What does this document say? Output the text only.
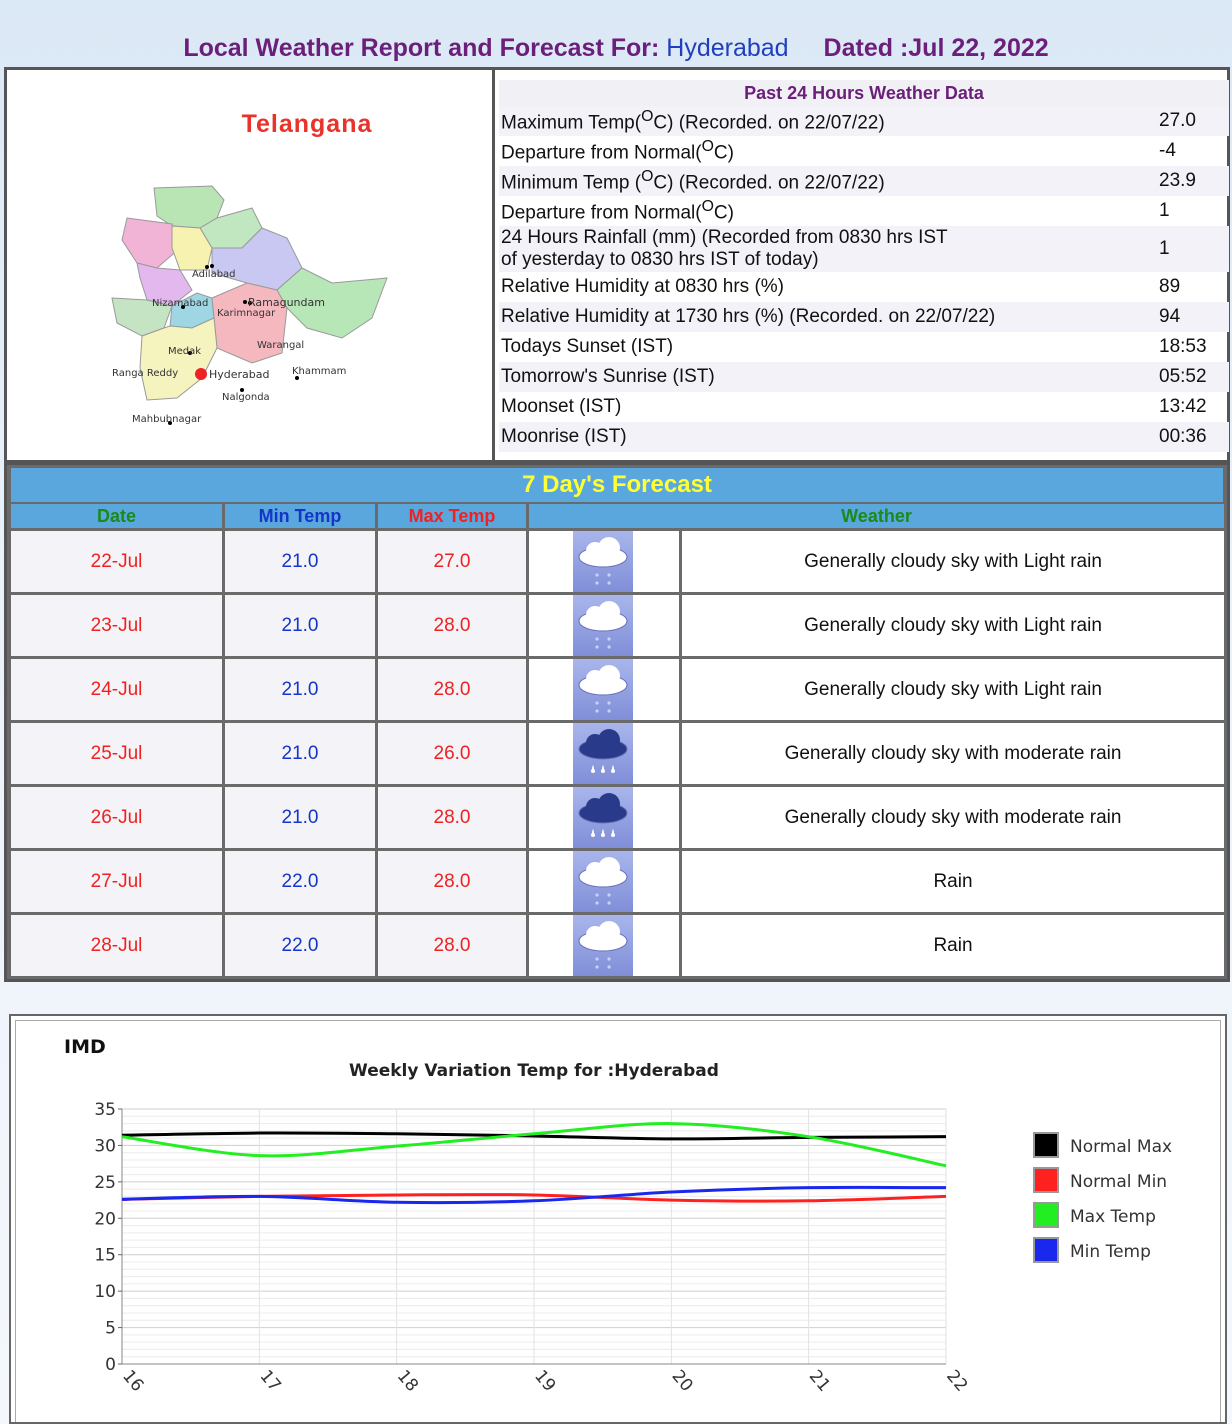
Local Weather Report and Forecast For: Hyderabad Dated :Jul 22, 2022
Telangana
Adilabad
Nizamabad	Ramagundam
Karimnagar
Warangal
Medak
Ranga Reddy	Hyderabad Khammam
Nalgonda
Mahbubnagar
Past 24 Hours Weather Data
Maximum Temp($^O$C) (Recorded. on 22/07/22)	27.0
Departure from Normal($^O$C)	-4
Minimum Temp ($^O$C) (Recorded. on 22/07/22)	23.9
Departure from Normal($^O$C)	1
24 Hours Rainfall (mm) (Recorded from 0830 hrs IST
of yesterday to 0830 hrs IST of today)
1
Relative Humidity at 0830 hrs (%)	89
Relative Humidity at 1730 hrs (%) (Recorded. on 22/07/22)	94
Todays Sunset (IST)	18:53
Tomorrow's Sunrise (IST)	05:52
Moonset (IST)	13:42
Moonrise (IST)	00:36
7 Day's Forecast
Date	Min Temp	Max Temp	Weather
22-Jul	21.0	27.0	Generally cloudy sky with Light rain
23-Jul	21.0	28.0	Generally cloudy sky with Light rain
24-Jul	21.0	28.0	Generally cloudy sky with Light rain
25-Jul	21.0	26.0	Generally cloudy sky with moderate rain
26-Jul	21.0	28.0	Generally cloudy sky with moderate rain
27-Jul	22.0	28.0	Rain
28-Jul	22.0	28.0	Rain
0
5
10
15
20
25
30
35
16	17	18	19	20	21	22
IMD
Weekly Variation Temp for :Hyderabad
Normal Max
Normal Min
Max Temp
Min Temp
